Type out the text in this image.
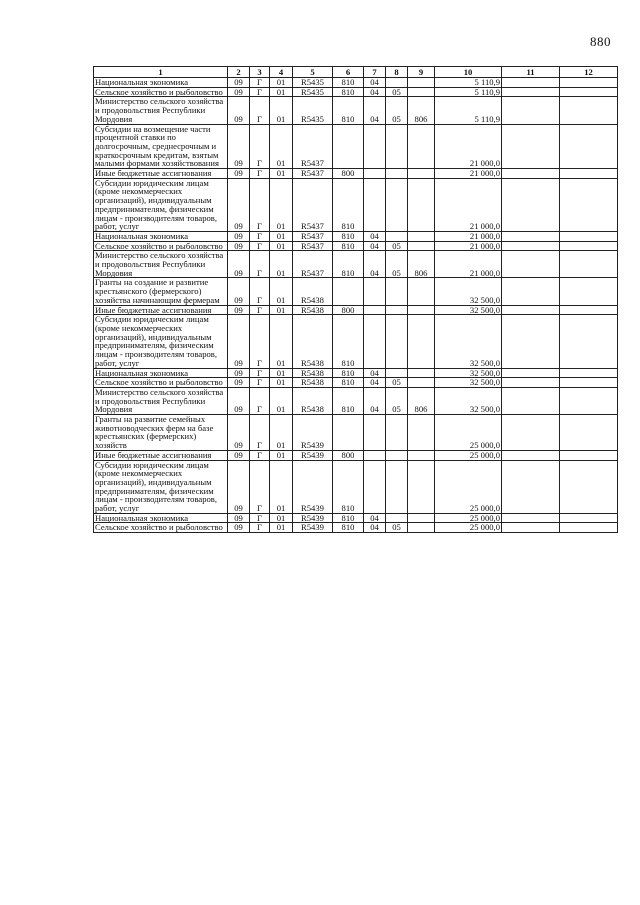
880
1	2	3	4	5	6	7	8	9	10	11	12
Национальная экономика	09	Г	01	R5435	810	04			5 110,9		
Сельское хозяйство и рыболовство	09	Г	01	R5435	810	04	05		5 110,9		
Министерство сельского хозяйства и продовольствия Республики Мордовия	09	Г	01	R5435	810	04	05	806	5 110,9		
Субсидии на возмещение части процентной ставки по долгосрочным, среднесрочным и краткосрочным кредитам, взятым малыми формами хозяйствования	09	Г	01	R5437					21 000,0		
Иные бюджетные ассигнования	09	Г	01	R5437	800				21 000,0		
Субсидии юридическим лицам (кроме некоммерческих организаций), индивидуальным предпринимателям, физическим лицам - производителям товаров, работ, услуг	09	Г	01	R5437	810				21 000,0		
Национальная экономика	09	Г	01	R5437	810	04			21 000,0		
Сельское хозяйство и рыболовство	09	Г	01	R5437	810	04	05		21 000,0		
Министерство сельского хозяйства и продовольствия Республики Мордовия	09	Г	01	R5437	810	04	05	806	21 000,0		
Гранты на создание и развитие крестьянского (фермерского) хозяйства начинающим фермерам	09	Г	01	R5438					32 500,0		
Иные бюджетные ассигнования	09	Г	01	R5438	800				32 500,0		
Субсидии юридическим лицам (кроме некоммерческих организаций), индивидуальным предпринимателям, физическим лицам - производителям товаров, работ, услуг	09	Г	01	R5438	810				32 500,0		
Национальная экономика	09	Г	01	R5438	810	04			32 500,0		
Сельское хозяйство и рыболовство	09	Г	01	R5438	810	04	05		32 500,0		
Министерство сельского хозяйства и продовольствия Республики Мордовия	09	Г	01	R5438	810	04	05	806	32 500,0		
Гранты на развитие семейных животноводческих ферм на базе крестьянских (фермерских) хозяйств	09	Г	01	R5439					25 000,0		
Иные бюджетные ассигнования	09	Г	01	R5439	800				25 000,0		
Субсидии юридическим лицам (кроме некоммерческих организаций), индивидуальным предпринимателям, физическим лицам - производителям товаров, работ, услуг	09	Г	01	R5439	810				25 000,0		
Национальная экономика	09	Г	01	R5439	810	04			25 000,0		
Сельское хозяйство и рыболовство	09	Г	01	R5439	810	04	05		25 000,0		
